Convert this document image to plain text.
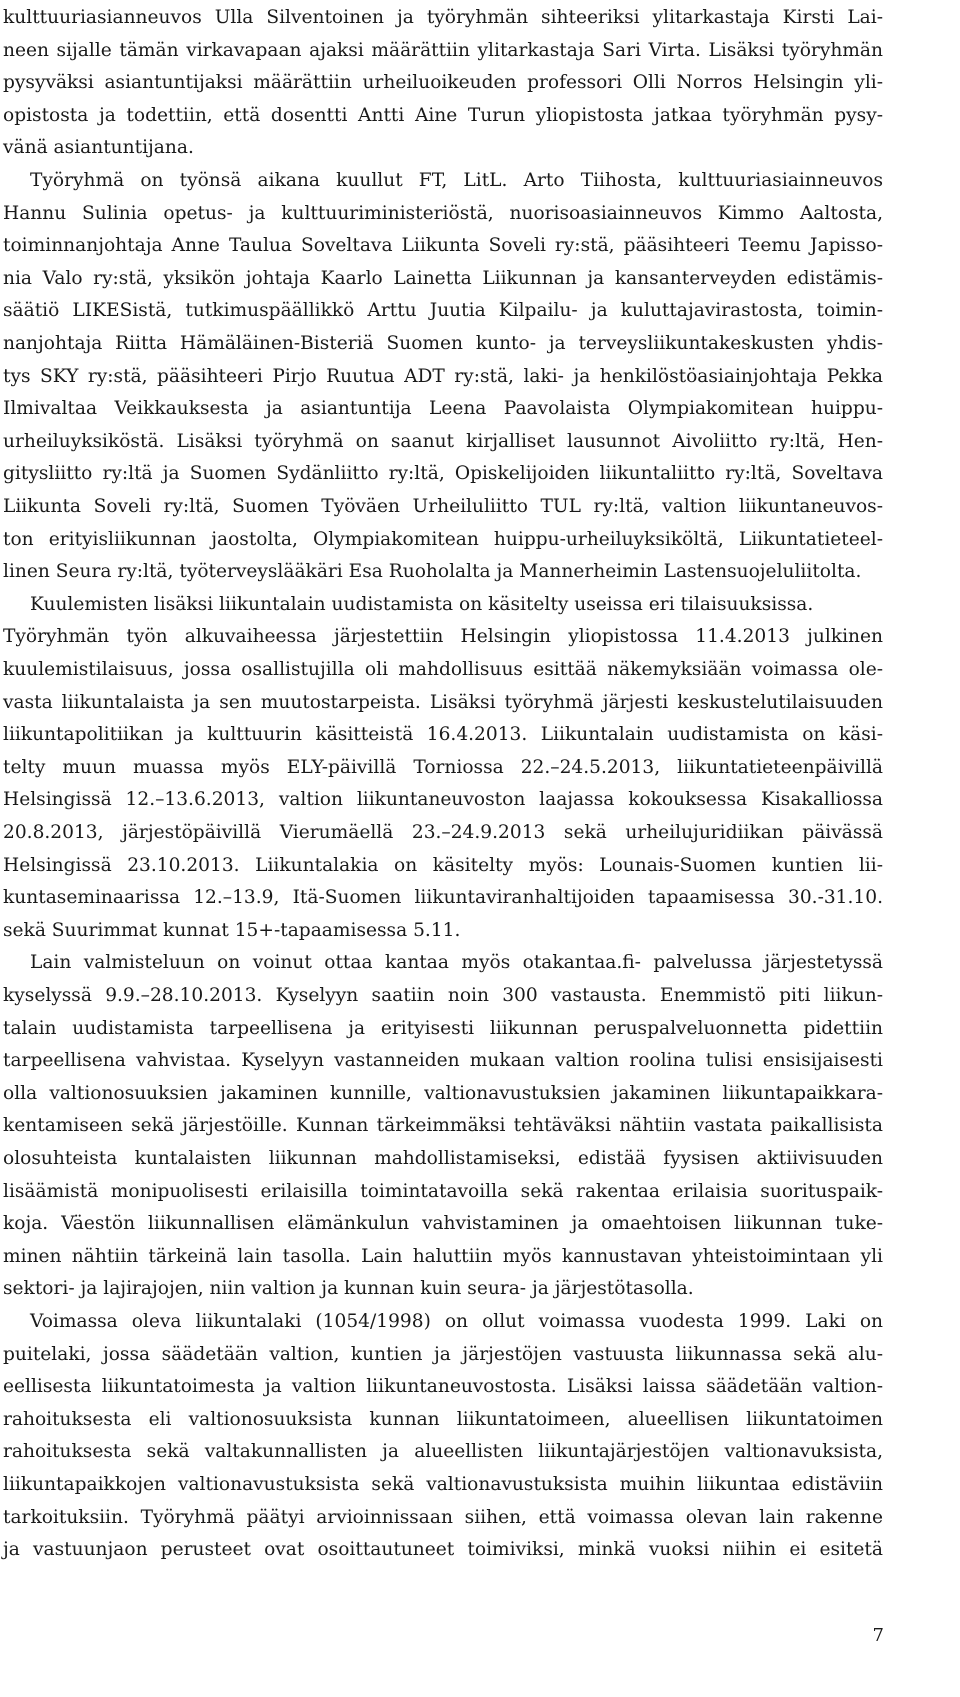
kulttuuriasianneuvos Ulla Silventoinen ja työryhmän sihteeriksi ylitarkastaja Kirsti Lai-
neen sijalle tämän virkavapaan ajaksi määrättiin ylitarkastaja Sari Virta. Lisäksi työryhmän
pysyväksi asiantuntijaksi määrättiin urheiluoikeuden professori Olli Norros Helsingin yli-
opistosta ja todettiin, että dosentti Antti Aine Turun yliopistosta jatkaa työryhmän pysy-
vänä asiantuntijana.
Työryhmä on työnsä aikana kuullut FT, LitL. Arto Tiihosta, kulttuuriasiainneuvos
Hannu Sulinia opetus- ja kulttuuriministeriöstä, nuorisoasiainneuvos Kimmo Aaltosta,
toiminnanjohtaja Anne Taulua Soveltava Liikunta Soveli ry:stä, pääsihteeri Teemu Japisso-
nia Valo ry:stä, yksikön johtaja Kaarlo Lainetta Liikunnan ja kansanterveyden edistämis-
säätiö LIKESistä, tutkimuspäällikkö Arttu Juutia Kilpailu- ja kuluttajavirastosta, toimin-
nanjohtaja Riitta Hämäläinen-Bisteriä Suomen kunto- ja terveysliikuntakeskusten yhdis-
tys SKY ry:stä, pääsihteeri Pirjo Ruutua ADT ry:stä, laki- ja henkilöstöasiainjohtaja Pekka
Ilmivaltaa Veikkauksesta ja asiantuntija Leena Paavolaista Olympiakomitean huippu-
urheiluyksiköstä. Lisäksi työryhmä on saanut kirjalliset lausunnot Aivoliitto ry:ltä, Hen-
gitysliitto ry:ltä ja Suomen Sydänliitto ry:ltä, Opiskelijoiden liikuntaliitto ry:ltä, Soveltava
Liikunta Soveli ry:ltä, Suomen Työväen Urheiluliitto TUL ry:ltä, valtion liikuntaneuvos-
ton erityisliikunnan jaostolta, Olympiakomitean huippu-urheiluyksiköltä, Liikuntatieteel-
linen Seura ry:ltä, työterveyslääkäri Esa Ruoholalta ja Mannerheimin Lastensuojeluliitolta.
Kuulemisten lisäksi liikuntalain uudistamista on käsitelty useissa eri tilaisuuksissa.
Työryhmän työn alkuvaiheessa järjestettiin Helsingin yliopistossa 11.4.2013 julkinen
kuulemistilaisuus, jossa osallistujilla oli mahdollisuus esittää näkemyksiään voimassa ole-
vasta liikuntalaista ja sen muutostarpeista. Lisäksi työryhmä järjesti keskustelutilaisuuden
liikuntapolitiikan ja kulttuurin käsitteistä 16.4.2013. Liikuntalain uudistamista on käsi-
telty muun muassa myös ELY-päivillä Torniossa 22.–24.5.2013, liikuntatieteenpäivillä
Helsingissä 12.–13.6.2013, valtion liikuntaneuvoston laajassa kokouksessa Kisakalliossa
20.8.2013, järjestöpäivillä Vierumäellä 23.–24.9.2013 sekä urheilujuridiikan päivässä
Helsingissä 23.10.2013. Liikuntalakia on käsitelty myös: Lounais-Suomen kuntien lii-
kuntaseminaarissa 12.–13.9, Itä-Suomen liikuntaviranhaltijoiden tapaamisessa 30.-31.10.
sekä Suurimmat kunnat 15+-tapaamisessa 5.11.
Lain valmisteluun on voinut ottaa kantaa myös otakantaa.fi- palvelussa järjestetyssä
kyselyssä 9.9.–28.10.2013. Kyselyyn saatiin noin 300 vastausta. Enemmistö piti liikun-
talain uudistamista tarpeellisena ja erityisesti liikunnan peruspalveluonnetta pidettiin
tarpeellisena vahvistaa. Kyselyyn vastanneiden mukaan valtion roolina tulisi ensisijaisesti
olla valtionosuuksien jakaminen kunnille, valtionavustuksien jakaminen liikuntapaikkara-
kentamiseen sekä järjestöille. Kunnan tärkeimmäksi tehtäväksi nähtiin vastata paikallisista
olosuhteista kuntalaisten liikunnan mahdollistamiseksi, edistää fyysisen aktiivisuuden
lisäämistä monipuolisesti erilaisilla toimintatavoilla sekä rakentaa erilaisia suorituspaik-
koja. Väestön liikunnallisen elämänkulun vahvistaminen ja omaehtoisen liikunnan tuke-
minen nähtiin tärkeinä lain tasolla. Lain haluttiin myös kannustavan yhteistoimintaan yli
sektori- ja lajirajojen, niin valtion ja kunnan kuin seura- ja järjestötasolla.
Voimassa oleva liikuntalaki (1054/1998) on ollut voimassa vuodesta 1999. Laki on
puitelaki, jossa säädetään valtion, kuntien ja järjestöjen vastuusta liikunnassa sekä alu-
eellisesta liikuntatoimesta ja valtion liikuntaneuvostosta. Lisäksi laissa säädetään valtion-
rahoituksesta eli valtionosuuksista kunnan liikuntatoimeen, alueellisen liikuntatoimen
rahoituksesta sekä valtakunnallisten ja alueellisten liikuntajärjestöjen valtionavuksista,
liikuntapaikkojen valtionavustuksista sekä valtionavustuksista muihin liikuntaa edistäviin
tarkoituksiin. Työryhmä päätyi arvioinnissaan siihen, että voimassa olevan lain rakenne
ja vastuunjaon perusteet ovat osoittautuneet toimiviksi, minkä vuoksi niihin ei esitetä
7
